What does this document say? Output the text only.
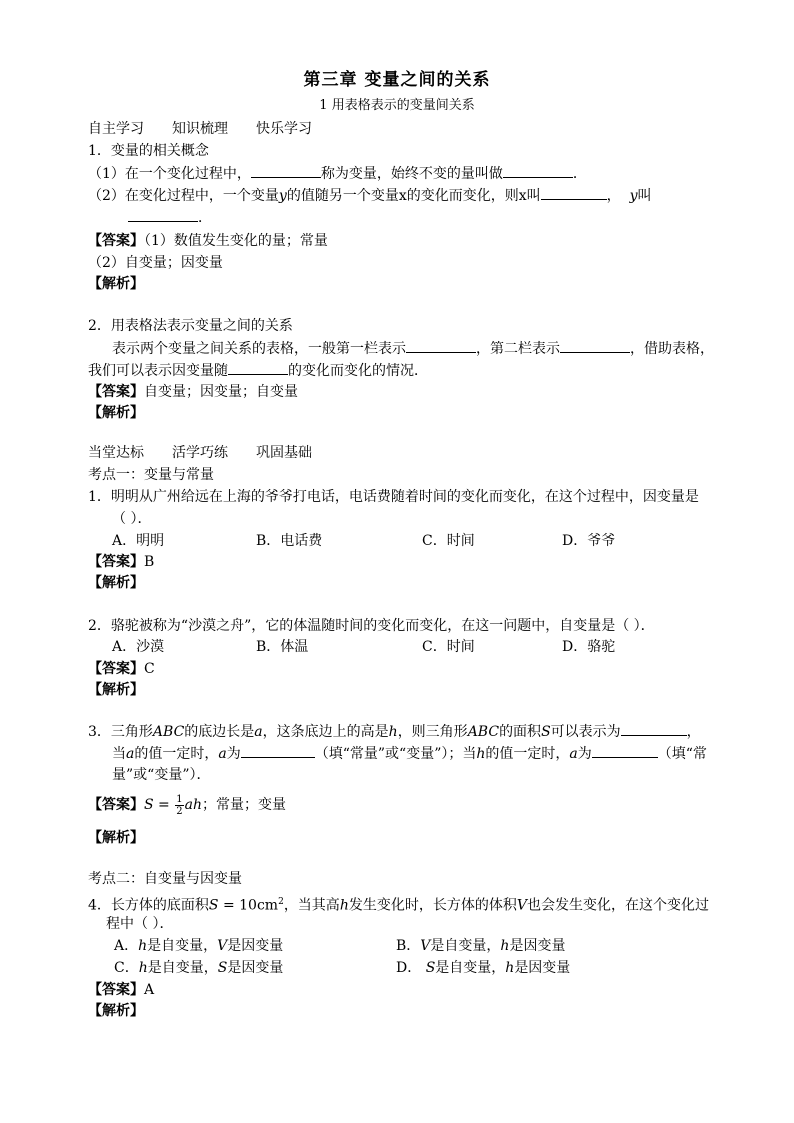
第三章 变量之间的关系
1 用表格表示的变量间关系
自主学习 知识梳理 快乐学习
1．变量的相关概念
（1）在一个变化过程中，	称为变量，始终不变的量叫做	．
（2）在变化过程中，一个变量y的值随另一个变量x的变化而变化，则x叫	， y叫
．
【答案】（1）数值发生变化的量；常量
（2）自变量；因变量
【解析】
2．用表格法表示变量之间的关系
表示两个变量之间关系的表格，一般第一栏表示	，第二栏表示	，借助表格，
我们可以表示因变量随	的变化而变化的情况．
【答案】自变量；因变量；自变量
【解析】
当堂达标 活学巧练 巩固基础
考点一：变量与常量
1．明明从广州给远在上海的爷爷打电话，电话费随着时间的变化而变化，在这个过程中，因变量是
（ ）．
A．明明	B．电话费	C．时间	D．爷爷
【答案】B
【解析】
2．骆驼被称为“沙漠之舟”，它的体温随时间的变化而变化，在这一问题中，自变量是（ ）．
A．沙漠	B．体温	C．时间	D．骆驼
【答案】C
【解析】
3．三角形ABC的底边长是a，这条底边上的高是h，则三角形ABC的面积S可以表示为	，
当a的值一定时，a为	（填“常量”或“变量”）；当h的值一定时，a为	（填“常
量”或“变量”）．
【答案】$S = \frac{1}{2}$ ah；常量；变量
【解析】
考点二：自变量与因变量
4．长方体的底面积$S = 10cm^2$，当其高h发生变化时，长方体的体积V也会发生变化，在这个变化过
程中（ ）．
A．h是自变量，V是因变量	B．V是自变量，h是因变量
C．h是自变量，S是因变量	D． S是自变量，h是因变量
【答案】A
【解析】
